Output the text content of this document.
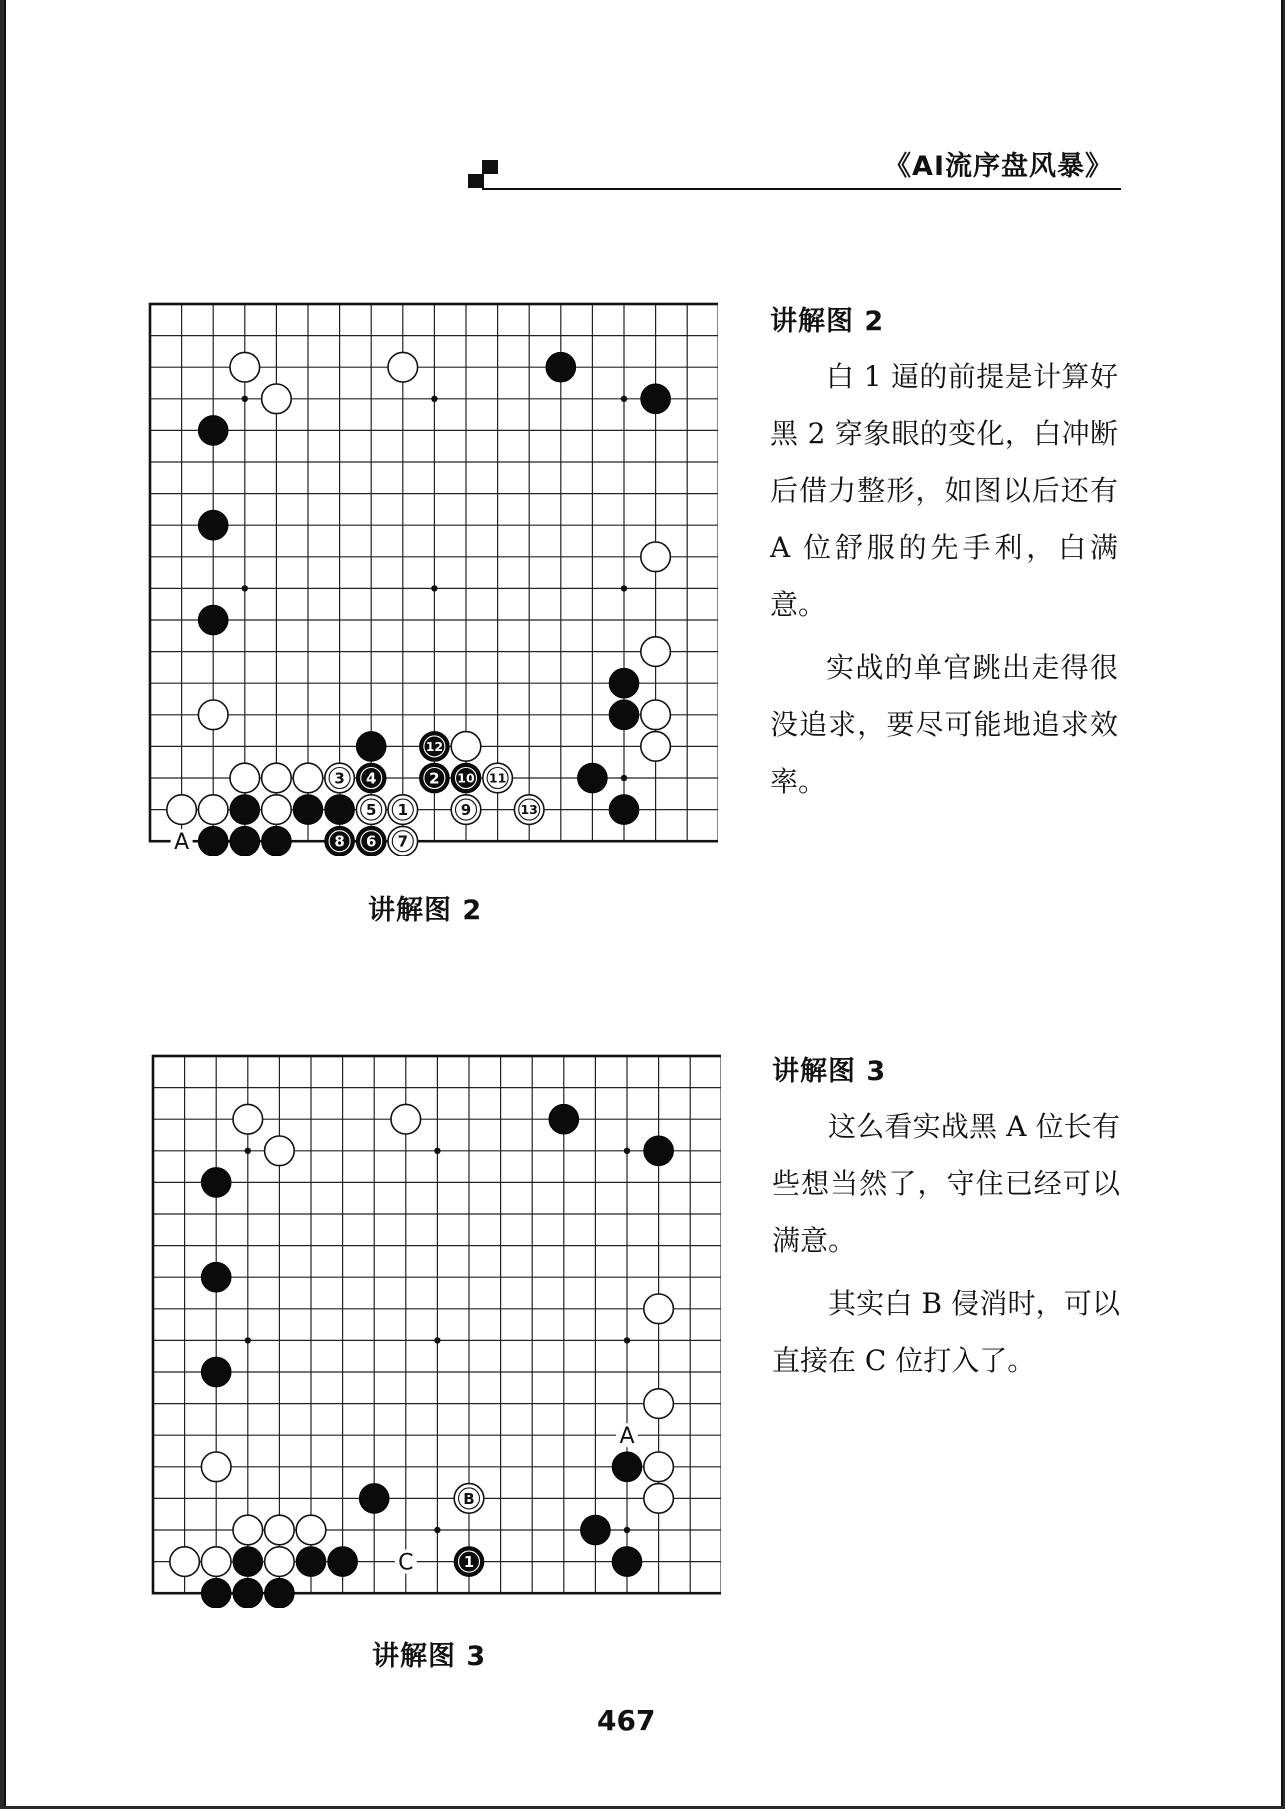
《AI流序盘风暴》
12
3 4	2 10 11
5 1	9	13
8 6 7
A
讲解图 2
讲解图 2
白 1 逼的前提是计算好黑 2 穿象眼的变化，白冲断后借力整形，如图以后还有 A 位舒服的先手利，白满意。
实战的单官跳出走得很没追求，要尽可能地追求效率。
B
1
A
C
讲解图 3
讲解图 3
这么看实战黑 A 位长有些想当然了，守住已经可以满意。
其实白 B 侵消时，可以直接在 C 位打入了。
467
